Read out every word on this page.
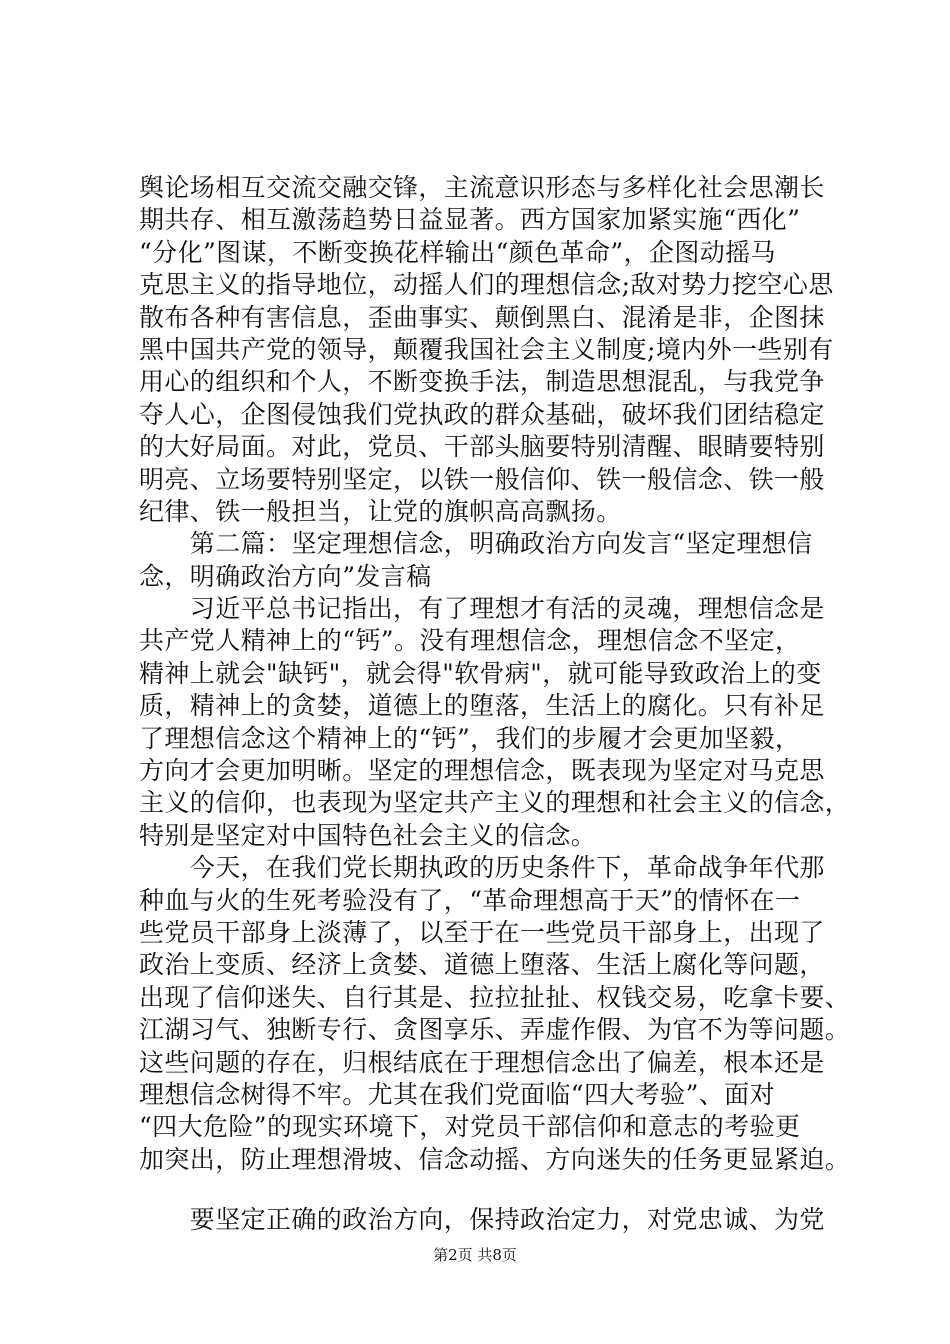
舆论场相互交流交融交锋，主流意识形态与多样化社会思潮长
期共存、相互激荡趋势日益显著。西方国家加紧实施“西化”
“分化”图谋，不断变换花样输出“颜色革命”，企图动摇马
克思主义的指导地位，动摇人们的理想信念;敌对势力挖空心思
散布各种有害信息，歪曲事实、颠倒黑白、混淆是非，企图抹
黑中国共产党的领导，颠覆我国社会主义制度;境内外一些别有
用心的组织和个人，不断变换手法，制造思想混乱，与我党争
夺人心，企图侵蚀我们党执政的群众基础，破坏我们团结稳定
的大好局面。对此，党员、干部头脑要特别清醒、眼睛要特别
明亮、立场要特别坚定，以铁一般信仰、铁一般信念、铁一般
纪律、铁一般担当，让党的旗帜高高飘扬。
　　第二篇：坚定理想信念，明确政治方向发言“坚定理想信
念，明确政治方向”发言稿
　　习近平总书记指出，有了理想才有活的灵魂，理想信念是
共产党人精神上的“钙”。没有理想信念，理想信念不坚定，
精神上就会"缺钙"，就会得"软骨病"，就可能导致政治上的变
质，精神上的贪婪，道德上的堕落，生活上的腐化。只有补足
了理想信念这个精神上的“钙”，我们的步履才会更加坚毅，
方向才会更加明晰。坚定的理想信念，既表现为坚定对马克思
主义的信仰，也表现为坚定共产主义的理想和社会主义的信念，
特别是坚定对中国特色社会主义的信念。
　　今天，在我们党长期执政的历史条件下，革命战争年代那
种血与火的生死考验没有了，“革命理想高于天”的情怀在一
些党员干部身上淡薄了，以至于在一些党员干部身上，出现了
政治上变质、经济上贪婪、道德上堕落、生活上腐化等问题，
出现了信仰迷失、自行其是、拉拉扯扯、权钱交易，吃拿卡要、
江湖习气、独断专行、贪图享乐、弄虚作假、为官不为等问题。
这些问题的存在，归根结底在于理想信念出了偏差，根本还是
理想信念树得不牢。尤其在我们党面临“四大考验”、面对
“四大危险”的现实环境下，对党员干部信仰和意志的考验更
加突出，防止理想滑坡、信念动摇、方向迷失的任务更显紧迫。
　　要坚定正确的政治方向，保持政治定力，对党忠诚、为党
第2页 共8页
